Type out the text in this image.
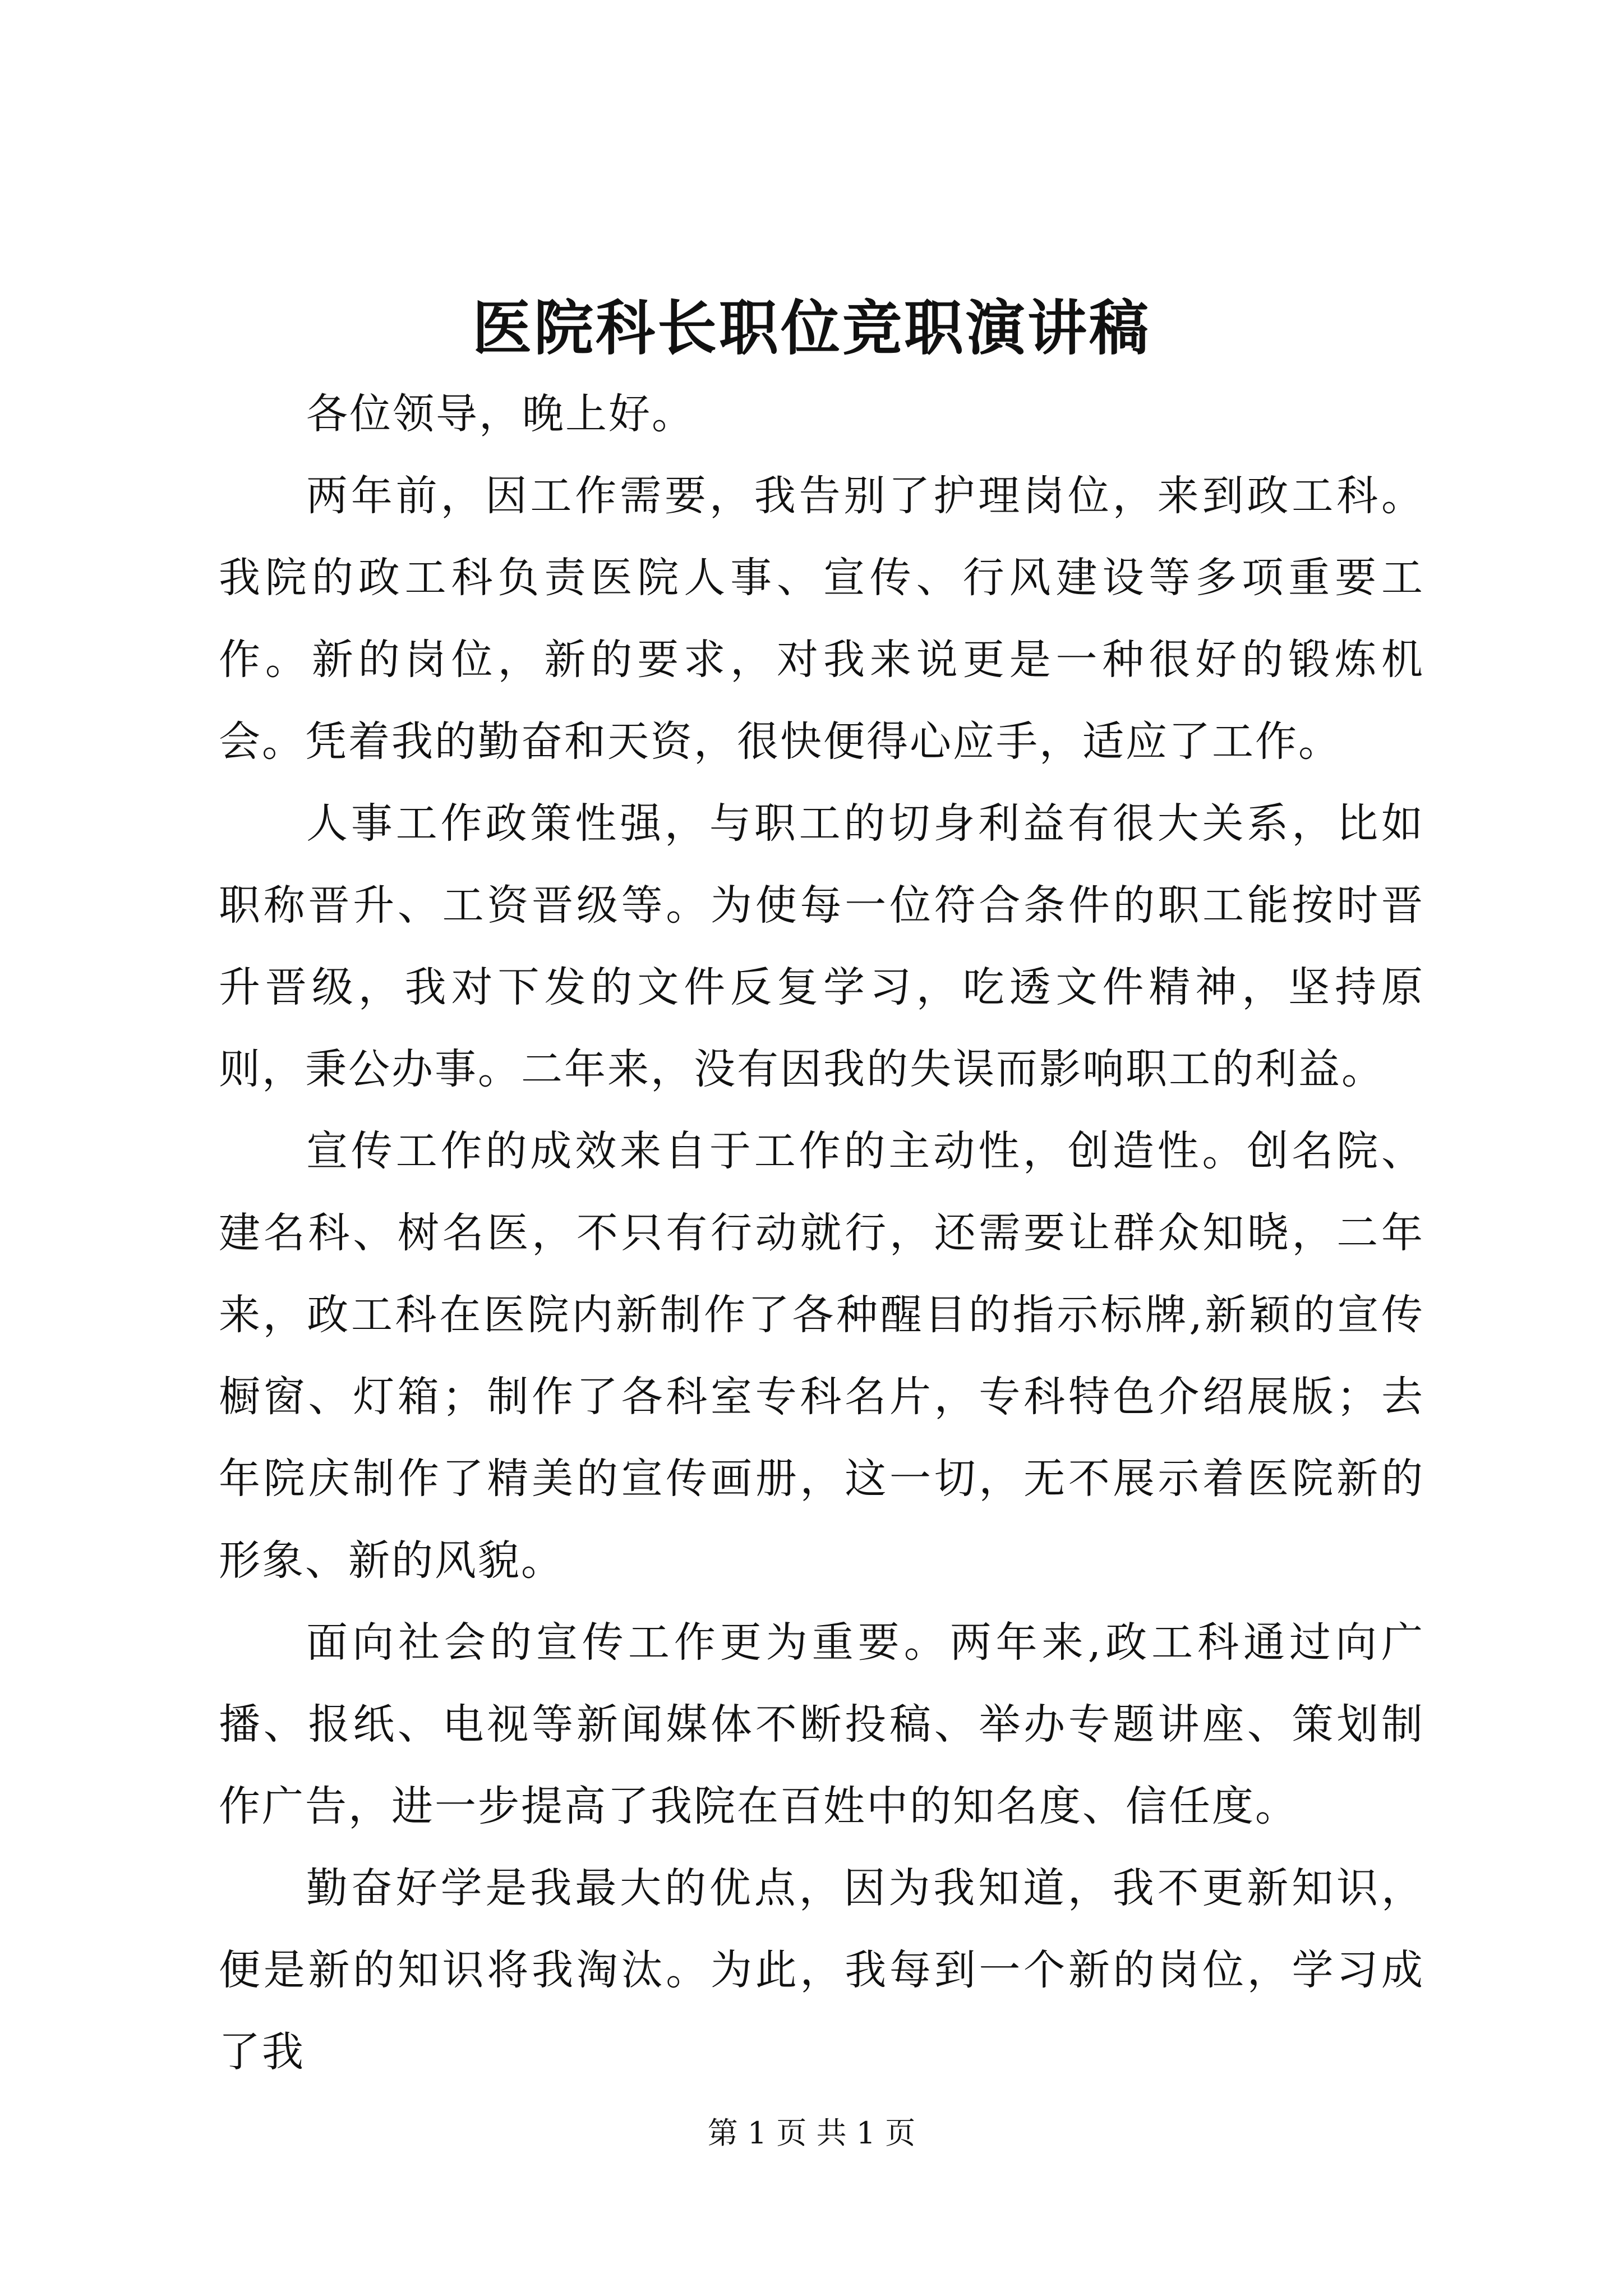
医院科长职位竞职演讲稿

各位领导，晚上好。

两年前，因工作需要，我告别了护理岗位，来到政工科。我院的政工科负责医院人事、宣传、行风建设等多项重要工作。新的岗位，新的要求，对我来说更是一种很好的锻炼机会。凭着我的勤奋和天资，很快便得心应手，适应了工作。

人事工作政策性强，与职工的切身利益有很大关系，比如职称晋升、工资晋级等。为使每一位符合条件的职工能按时晋升晋级，我对下发的文件反复学习，吃透文件精神，坚持原则，秉公办事。二年来，没有因我的失误而影响职工的利益。

宣传工作的成效来自于工作的主动性，创造性。创名院、建名科、树名医，不只有行动就行，还需要让群众知晓，二年来，政工科在医院内新制作了各种醒目的指示标牌,新颖的宣传橱窗、灯箱；制作了各科室专科名片，专科特色介绍展版；去年院庆制作了精美的宣传画册，这一切，无不展示着医院新的形象、新的风貌。

面向社会的宣传工作更为重要。两年来,政工科通过向广播、报纸、电视等新闻媒体不断投稿、举办专题讲座、策划制作广告，进一步提高了我院在百姓中的知名度、信任度。

勤奋好学是我最大的优点，因为我知道，我不更新知识，便是新的知识将我淘汰。为此，我每到一个新的岗位，学习成了我

第 1 页 共 1 页
